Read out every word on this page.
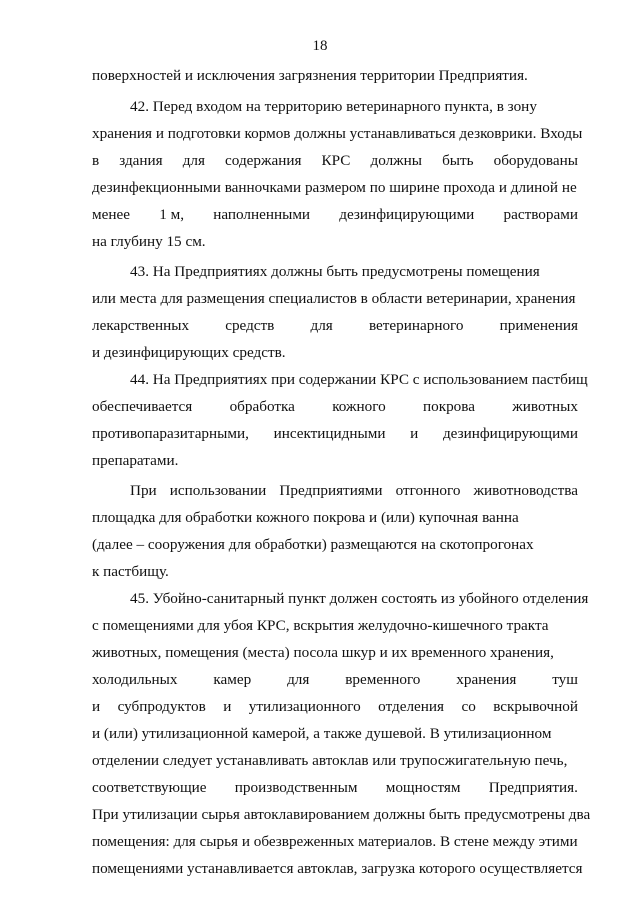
18
поверхностей и исключения загрязнения территории Предприятия.
42. Перед входом на территорию ветеринарного пункта, в зону
хранения и подготовки кормов должны устанавливаться дезковрики. Входы
в здания для содержания КРС должны быть оборудованы
дезинфекционными ванночками размером по ширине прохода и длиной не
менее 1 м, наполненными дезинфицирующими растворами
на глубину 15 см.
43. На Предприятиях должны быть предусмотрены помещения
или места для размещения специалистов в области ветеринарии, хранения
лекарственных средств для ветеринарного применения
и дезинфицирующих средств.
44. На Предприятиях при содержании КРС с использованием пастбищ
обеспечивается обработка кожного покрова животных
противопаразитарными, инсектицидными и дезинфицирующими
препаратами.
При использовании Предприятиями отгонного животноводства
площадка для обработки кожного покрова и (или) купочная ванна
(далее – сооружения для обработки) размещаются на скотопрогонах
к пастбищу.
45. Убойно-санитарный пункт должен состоять из убойного отделения
с помещениями для убоя КРС, вскрытия желудочно-кишечного тракта
животных, помещения (места) посола шкур и их временного хранения,
холодильных камер для временного хранения туш
и субпродуктов и утилизационного отделения со вскрывочной
и (или) утилизационной камерой, а также душевой. В утилизационном
отделении следует устанавливать автоклав или трупосжигательную печь,
соответствующие производственным мощностям Предприятия.
При утилизации сырья автоклавированием должны быть предусмотрены два
помещения: для сырья и обезвреженных материалов. В стене между этими
помещениями устанавливается автоклав, загрузка которого осуществляется
